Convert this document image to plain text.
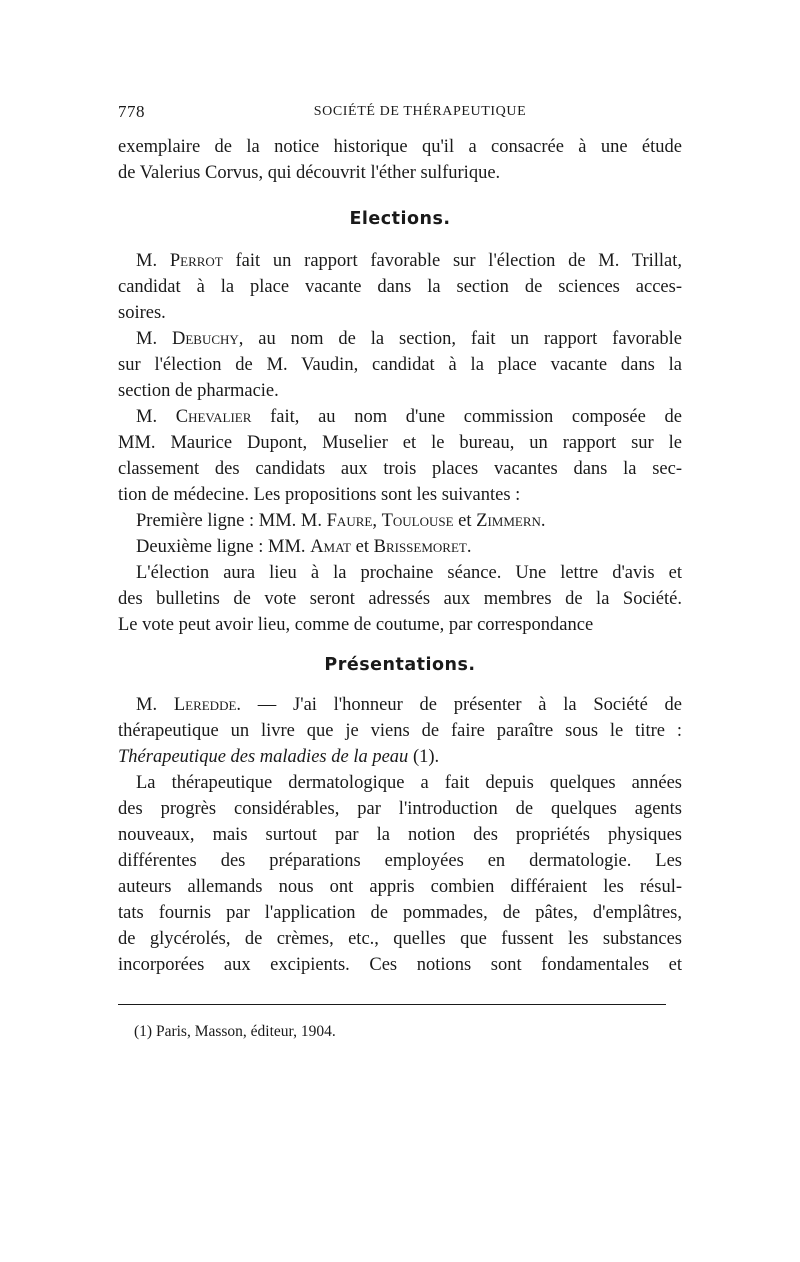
778	SOCIÉTÉ DE THÉRAPEUTIQUE
exemplaire de la notice historique qu'il a consacrée à une étude
de Valerius Corvus, qui découvrit l'éther sulfurique.
Elections.
M. Perrot fait un rapport favorable sur l'élection de M. Trillat,
candidat à la place vacante dans la section de sciences acces-
soires.
M. Debuchy, au nom de la section, fait un rapport favorable
sur l'élection de M. Vaudin, candidat à la place vacante dans la
section de pharmacie.
M. Chevalier fait, au nom d'une commission composée de
MM. Maurice Dupont, Muselier et le bureau, un rapport sur le
classement des candidats aux trois places vacantes dans la sec-
tion de médecine. Les propositions sont les suivantes :
Première ligne : MM. M. Faure, Toulouse et Zimmern.
Deuxième ligne : MM. Amat et Brissemoret.
L'élection aura lieu à la prochaine séance. Une lettre d'avis et
des bulletins de vote seront adressés aux membres de la Société.
Le vote peut avoir lieu, comme de coutume, par correspondance
Présentations.
M. Leredde. — J'ai l'honneur de présenter à la Société de
thérapeutique un livre que je viens de faire paraître sous le titre :
Thérapeutique des maladies de la peau (1).
La thérapeutique dermatologique a fait depuis quelques années
des progrès considérables, par l'introduction de quelques agents
nouveaux, mais surtout par la notion des propriétés physiques
différentes des préparations employées en dermatologie. Les
auteurs allemands nous ont appris combien différaient les résul-
tats fournis par l'application de pommades, de pâtes, d'emplâtres,
de glycérolés, de crèmes, etc., quelles que fussent les substances
incorporées aux excipients. Ces notions sont fondamentales et
(1) Paris, Masson, éditeur, 1904.
